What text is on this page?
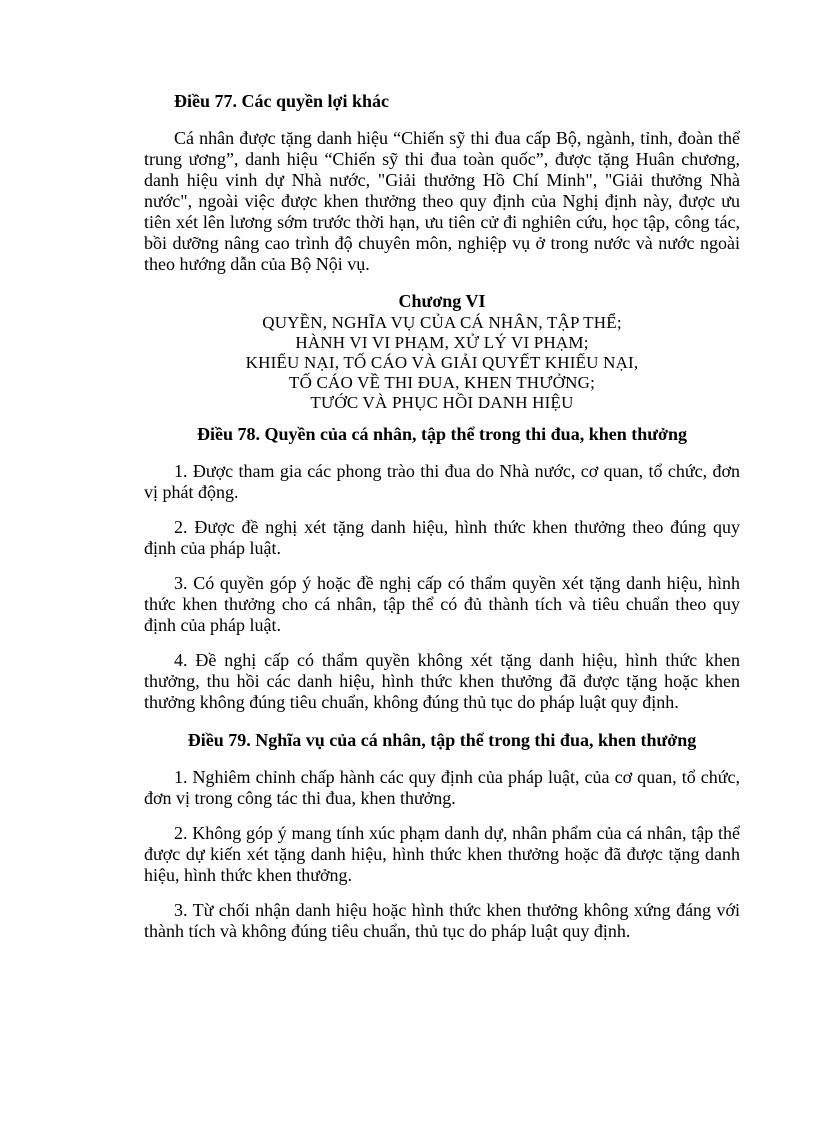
Điều 77. Các quyền lợi khác

Cá nhân được tặng danh hiệu “Chiến sỹ thi đua cấp Bộ, ngành, tỉnh, đoàn thể trung ương”, danh hiệu “Chiến sỹ thi đua toàn quốc”, được tặng Huân chương, danh hiệu vinh dự Nhà nước, "Giải thưởng Hồ Chí Minh", "Giải thưởng Nhà nước", ngoài việc được khen thưởng theo quy định của Nghị định này, được ưu tiên xét lên lương sớm trước thời hạn, ưu tiên cử đi nghiên cứu, học tập, công tác, bồi dưỡng nâng cao trình độ chuyên môn, nghiệp vụ ở trong nước và nước ngoài theo hướng dẫn của Bộ Nội vụ.

Chương VI
QUYỀN, NGHĨA VỤ CỦA CÁ NHÂN, TẬP THỂ;
HÀNH VI VI PHẠM, XỬ LÝ VI PHẠM;
KHIẾU NẠI, TỐ CÁO VÀ GIẢI QUYẾT KHIẾU NẠI,
TỐ CÁO VỀ THI ĐUA, KHEN THƯỞNG;
TƯỚC VÀ PHỤC HỒI DANH HIỆU
Điều 78. Quyền của cá nhân, tập thể trong thi đua, khen thưởng

1. Được tham gia các phong trào thi đua do Nhà nước, cơ quan, tổ chức, đơn vị phát động.

2. Được đề nghị xét tặng danh hiệu, hình thức khen thưởng theo đúng quy định của pháp luật.

3. Có quyền góp ý hoặc đề nghị cấp có thẩm quyền xét tặng danh hiệu, hình thức khen thưởng cho cá nhân, tập thể có đủ thành tích và tiêu chuẩn theo quy định của pháp luật.

4. Đề nghị cấp có thẩm quyền không xét tặng danh hiệu, hình thức khen thưởng, thu hồi các danh hiệu, hình thức khen thưởng đã được tặng hoặc khen thưởng không đúng tiêu chuẩn, không đúng thủ tục do pháp luật quy định.

Điều 79. Nghĩa vụ của cá nhân, tập thể trong thi đua, khen thưởng

1. Nghiêm chỉnh chấp hành các quy định của pháp luật, của cơ quan, tổ chức, đơn vị trong công tác thi đua, khen thưởng.

2. Không góp ý mang tính xúc phạm danh dự, nhân phẩm của cá nhân, tập thể được dự kiến xét tặng danh hiệu, hình thức khen thưởng hoặc đã được tặng danh hiệu, hình thức khen thưởng.

3. Từ chối nhận danh hiệu hoặc hình thức khen thưởng không xứng đáng với thành tích và không đúng tiêu chuẩn, thủ tục do pháp luật quy định.
